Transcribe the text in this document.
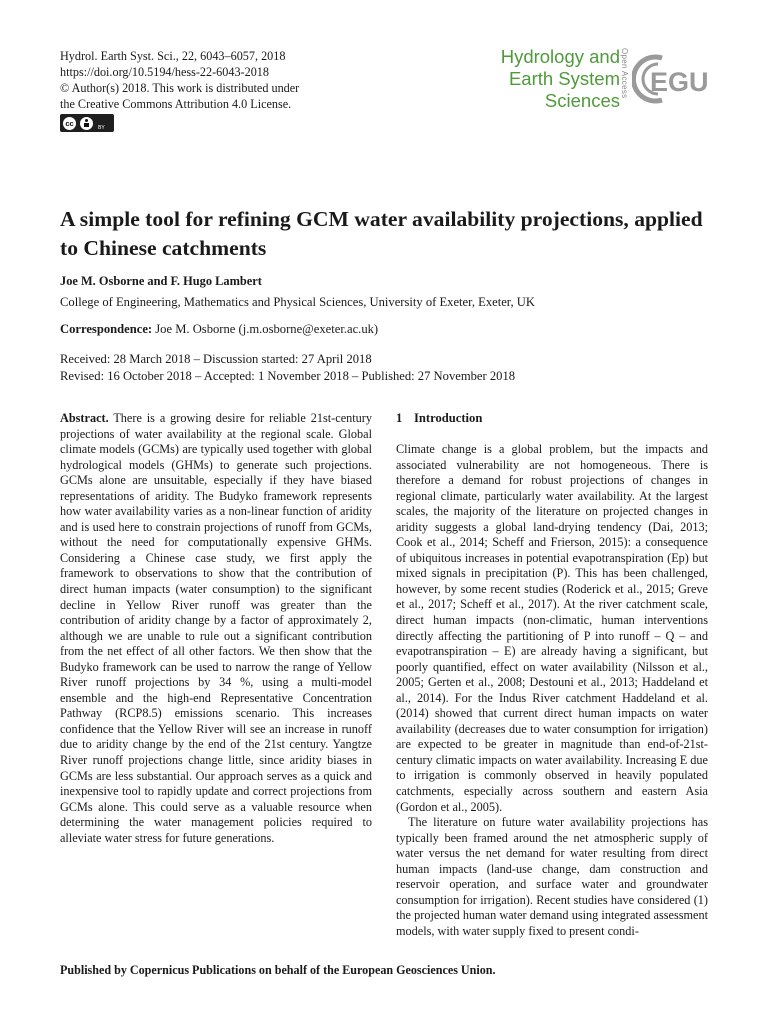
Hydrol. Earth Syst. Sci., 22, 6043–6057, 2018
https://doi.org/10.5194/hess-22-6043-2018
© Author(s) 2018. This work is distributed under
the Creative Commons Attribution 4.0 License.
cc
BY
Hydrology and
Earth System
Sciences
Open Access EGU
A simple tool for refining GCM water availability projections, applied to Chinese catchments
Joe M. Osborne and F. Hugo Lambert
College of Engineering, Mathematics and Physical Sciences, University of Exeter, Exeter, UK
Correspondence: Joe M. Osborne (j.m.osborne@exeter.ac.uk)
Received: 28 March 2018 – Discussion started: 27 April 2018
Revised: 16 October 2018 – Accepted: 1 November 2018 – Published: 27 November 2018
Abstract. There is a growing desire for reliable 21st-century projections of water availability at the regional scale. Global climate models (GCMs) are typically used together with global hydrological models (GHMs) to generate such projections. GCMs alone are unsuitable, especially if they have biased representations of aridity. The Budyko framework represents how water availability varies as a non-linear function of aridity and is used here to constrain projections of runoff from GCMs, without the need for computationally expensive GHMs. Considering a Chinese case study, we first apply the framework to observations to show that the contribution of direct human impacts (water consumption) to the significant decline in Yellow River runoff was greater than the contribution of aridity change by a factor of approximately 2, although we are unable to rule out a significant contribution from the net effect of all other factors. We then show that the Budyko framework can be used to narrow the range of Yellow River runoff projections by 34 %, using a multi-model ensemble and the high-end Representative Concentration Pathway (RCP8.5) emissions scenario. This increases confidence that the Yellow River will see an increase in runoff due to aridity change by the end of the 21st century. Yangtze River runoff projections change little, since aridity biases in GCMs are less substantial. Our approach serves as a quick and inexpensive tool to rapidly update and correct projections from GCMs alone. This could serve as a valuable resource when determining the water management policies required to alleviate water stress for future generations.
1 Introduction

Climate change is a global problem, but the impacts and associated vulnerability are not homogeneous. There is therefore a demand for robust projections of changes in regional climate, particularly water availability. At the largest scales, the majority of the literature on projected changes in aridity suggests a global land-drying tendency (Dai, 2013; Cook et al., 2014; Scheff and Frierson, 2015): a consequence of ubiquitous increases in potential evapotranspiration (Ep) but mixed signals in precipitation (P). This has been challenged, however, by some recent studies (Roderick et al., 2015; Greve et al., 2017; Scheff et al., 2017). At the river catchment scale, direct human impacts (non-climatic, human interventions directly affecting the partitioning of P into runoff – Q – and evapotranspiration – E) are already having a significant, but poorly quantified, effect on water availability (Nilsson et al., 2005; Gerten et al., 2008; Destouni et al., 2013; Haddeland et al., 2014). For the Indus River catchment Haddeland et al. (2014) showed that current direct human impacts on water availability (decreases due to water consumption for irrigation) are expected to be greater in magnitude than end-of-21st-century climatic impacts on water availability. Increasing E due to irrigation is commonly observed in heavily populated catchments, especially across southern and eastern Asia (Gordon et al., 2005).

The literature on future water availability projections has typically been framed around the net atmospheric supply of water versus the net demand for water resulting from direct human impacts (land-use change, dam construction and reservoir operation, and surface water and groundwater consumption for irrigation). Recent studies have considered (1) the projected human water demand using integrated assessment models, with water supply fixed to present condi-

Published by Copernicus Publications on behalf of the European Geosciences Union.
